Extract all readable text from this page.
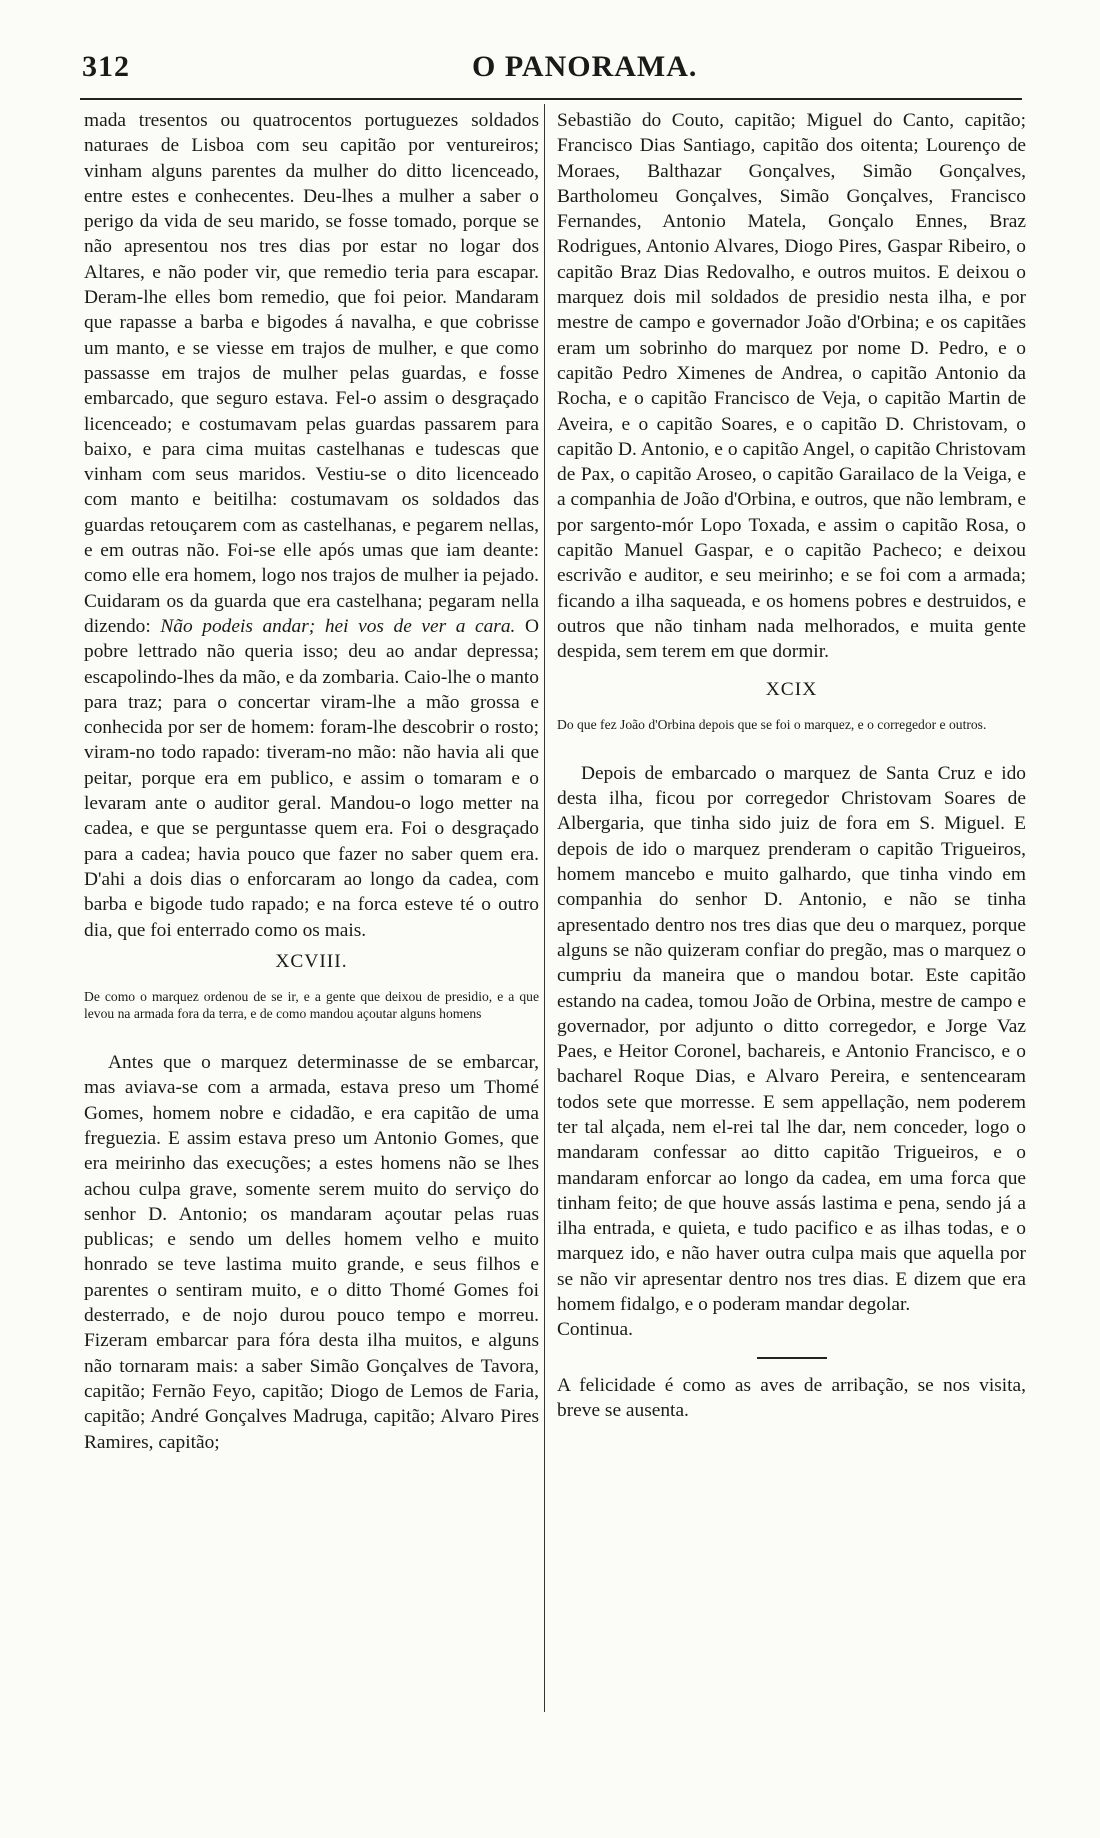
312	O PANORAMA.

mada tresentos ou quatrocentos portuguezes soldados naturaes de Lisboa com seu capitão por ventureiros; vinham alguns parentes da mulher do ditto licenceado, entre estes e conhecentes. Deu-lhes a mulher a saber o perigo da vida de seu marido, se fosse tomado, porque se não apresentou nos tres dias por estar no logar dos Altares, e não poder vir, que remedio teria para escapar. Deram-lhe elles bom remedio, que foi peior. Mandaram que rapasse a barba e bigodes á navalha, e que cobrisse um manto, e se viesse em trajos de mulher, e que como passasse em trajos de mulher pelas guardas, e fosse embarcado, que seguro estava. Fel-o assim o desgraçado licenceado; e costumavam pelas guardas passarem para baixo, e para cima muitas castelhanas e tudescas que vinham com seus maridos. Vestiu-se o dito licenceado com manto e beitilha: costumavam os soldados das guardas retouçarem com as castelhanas, e pegarem nellas, e em outras não. Foi-se elle após umas que iam deante: como elle era homem, logo nos trajos de mulher ia pejado. Cuidaram os da guarda que era castelhana; pegaram nella dizendo: Não podeis andar; hei vos de ver a cara. O pobre lettrado não queria isso; deu ao andar depressa; escapolindo-lhes da mão, e da zombaria. Caio-lhe o manto para traz; para o concertar viram-lhe a mão grossa e conhecida por ser de homem: foram-lhe descobrir o rosto; viram-no todo rapado: tiveram-no mão: não havia ali que peitar, porque era em publico, e assim o tomaram e o levaram ante o auditor geral. Mandou-o logo metter na cadea, e que se perguntasse quem era. Foi o desgraçado para a cadea; havia pouco que fazer no saber quem era. D'ahi a dois dias o enforcaram ao longo da cadea, com barba e bigode tudo rapado; e na forca esteve té o outro dia, que foi enterrado como os mais.

XCVIII.
De como o marquez ordenou de se ir, e a gente que deixou de presidio, e a que levou na armada fora da terra, e de como mandou açoutar alguns homens

Antes que o marquez determinasse de se embarcar, mas aviava-se com a armada, estava preso um Thomé Gomes, homem nobre e cidadão, e era capitão de uma freguezia. E assim estava preso um Antonio Gomes, que era meirinho das execuções; a estes homens não se lhes achou culpa grave, somente serem muito do serviço do senhor D. Antonio; os mandaram açoutar pelas ruas publicas; e sendo um delles homem velho e muito honrado se teve lastima muito grande, e seus filhos e parentes o sentiram muito, e o ditto Thomé Gomes foi desterrado, e de nojo durou pouco tempo e morreu. Fizeram embarcar para fóra desta ilha muitos, e alguns não tornaram mais: a saber Simão Gonçalves de Tavora, capitão; Fernão Feyo, capitão; Diogo de Lemos de Faria, capitão; André Gonçalves Madruga, capitão; Alvaro Pires Ramires, capitão;

Sebastião do Couto, capitão; Miguel do Canto, capitão; Francisco Dias Santiago, capitão dos oitenta; Lourenço de Moraes, Balthazar Gonçalves, Simão Gonçalves, Bartholomeu Gonçalves, Simão Gonçalves, Francisco Fernandes, Antonio Matela, Gonçalo Ennes, Braz Rodrigues, Antonio Alvares, Diogo Pires, Gaspar Ribeiro, o capitão Braz Dias Redovalho, e outros muitos. E deixou o marquez dois mil soldados de presidio nesta ilha, e por mestre de campo e governador João d'Orbina; e os capitães eram um sobrinho do marquez por nome D. Pedro, e o capitão Pedro Ximenes de Andrea, o capitão Antonio da Rocha, e o capitão Francisco de Veja, o capitão Martin de Aveira, e o capitão Soares, e o capitão D. Christovam, o capitão D. Antonio, e o capitão Angel, o capitão Christovam de Pax, o capitão Aroseo, o capitão Garailaco de la Veiga, e a companhia de João d'Orbina, e outros, que não lembram, e por sargento-mór Lopo Toxada, e assim o capitão Rosa, o capitão Manuel Gaspar, e o capitão Pacheco; e deixou escrivão e auditor, e seu meirinho; e se foi com a armada; ficando a ilha saqueada, e os homens pobres e destruidos, e outros que não tinham nada melhorados, e muita gente despida, sem terem em que dormir.

XCIX
Do que fez João d'Orbina depois que se foi o marquez, e o corregedor e outros.

Depois de embarcado o marquez de Santa Cruz e ido desta ilha, ficou por corregedor Christovam Soares de Albergaria, que tinha sido juiz de fora em S. Miguel. E depois de ido o marquez prenderam o capitão Trigueiros, homem mancebo e muito galhardo, que tinha vindo em companhia do senhor D. Antonio, e não se tinha apresentado dentro nos tres dias que deu o marquez, porque alguns se não quizeram confiar do pregão, mas o marquez o cumpriu da maneira que o mandou botar. Este capitão estando na cadea, tomou João de Orbina, mestre de campo e governador, por adjunto o ditto corregedor, e Jorge Vaz Paes, e Heitor Coronel, bachareis, e Antonio Francisco, e o bacharel Roque Dias, e Alvaro Pereira, e sentencearam todos sete que morresse. E sem appellação, nem poderem ter tal alçada, nem el-rei tal lhe dar, nem conceder, logo o mandaram confessar ao ditto capitão Trigueiros, e o mandaram enforcar ao longo da cadea, em uma forca que tinham feito; de que houve assás lastima e pena, sendo já a ilha entrada, e quieta, e tudo pacifico e as ilhas todas, e o marquez ido, e não haver outra culpa mais que aquella por se não vir apresentar dentro nos tres dias. E dizem que era homem fidalgo, e o poderam mandar degolar.

Continua.

A felicidade é como as aves de arribação, se nos visita, breve se ausenta.
